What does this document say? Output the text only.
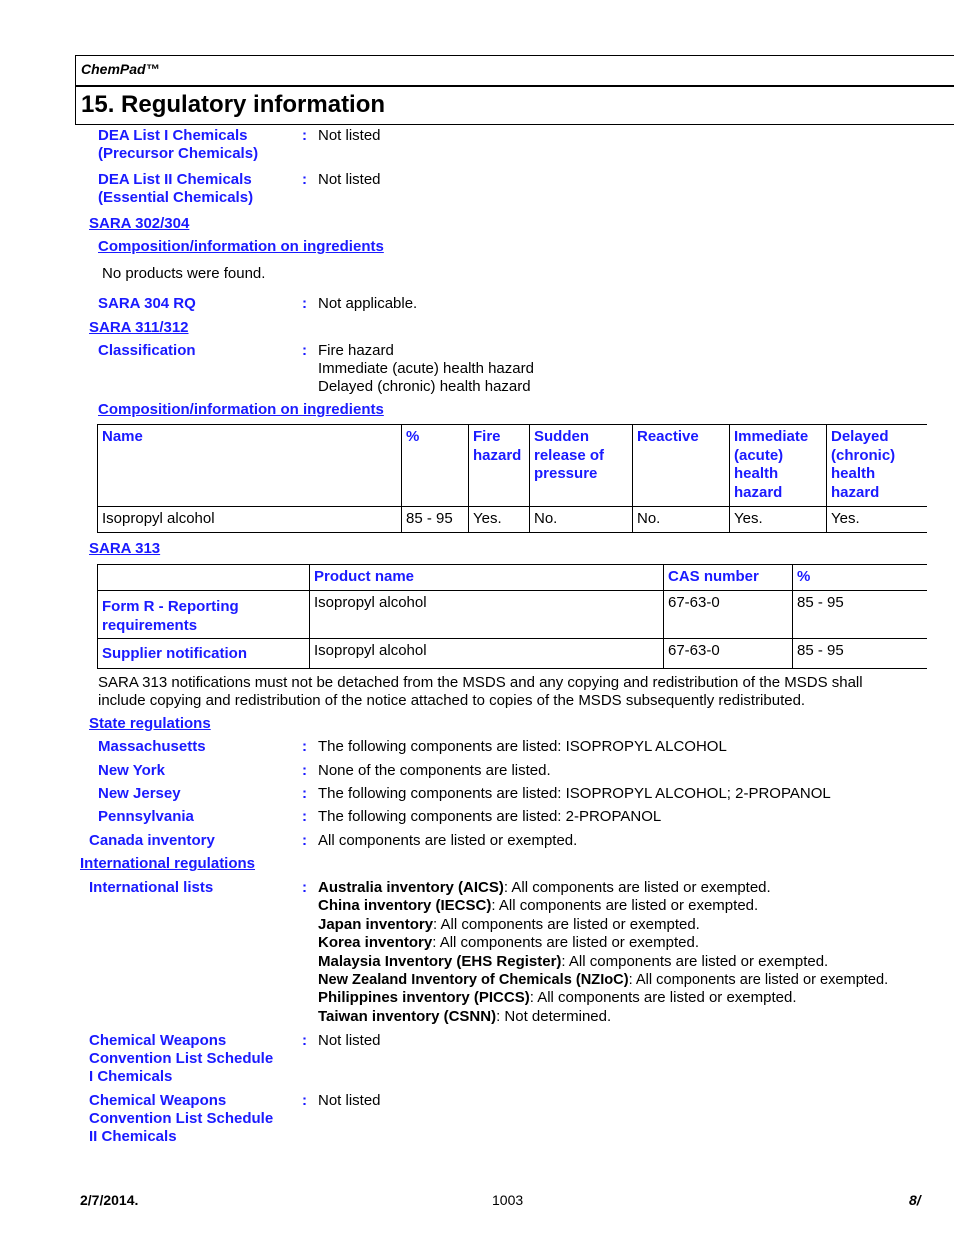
ChemPad™
15. Regulatory information
DEA List I Chemicals
(Precursor Chemicals)
: Not listed
DEA List II Chemicals
(Essential Chemicals)
: Not listed
SARA 302/304
Composition/information on ingredients
No products were found.
SARA 304 RQ	: Not applicable.
SARA 311/312
Classification	: Fire hazard
Immediate (acute) health hazard
Delayed (chronic) health hazard
Composition/information on ingredients
Name	%	Fire hazard	Sudden release of pressure	Reactive	Immediate (acute) health hazard	Delayed (chronic) health hazard
Isopropyl alcohol	85 - 95	Yes.	No.	No.	Yes.	Yes.
SARA 313
	Product name	CAS number	%
Form R - Reporting requirements	Isopropyl alcohol	67-63-0	85 - 95
Supplier notification	Isopropyl alcohol	67-63-0	85 - 95
SARA 313 notifications must not be detached from the MSDS and any copying and redistribution of the MSDS shall include copying and redistribution of the notice attached to copies of the MSDS subsequently redistributed.
State regulations
Massachusetts	: The following components are listed: ISOPROPYL ALCOHOL
New York	: None of the components are listed.
New Jersey	: The following components are listed: ISOPROPYL ALCOHOL; 2-PROPANOL
Pennsylvania	: The following components are listed: 2-PROPANOL
Canada inventory	: All components are listed or exempted.
International regulations
International lists	: Australia inventory (AICS): All components are listed or exempted.
China inventory (IECSC): All components are listed or exempted.
Japan inventory: All components are listed or exempted.
Korea inventory: All components are listed or exempted.
Malaysia Inventory (EHS Register): All components are listed or exempted.
New Zealand Inventory of Chemicals (NZIoC): All components are listed or exempted.
Philippines inventory (PICCS): All components are listed or exempted.
Taiwan inventory (CSNN): Not determined.
Chemical Weapons
Convention List Schedule
I Chemicals
: Not listed
Chemical Weapons
Convention List Schedule
II Chemicals
: Not listed
2/7/2014.	1003	8/
